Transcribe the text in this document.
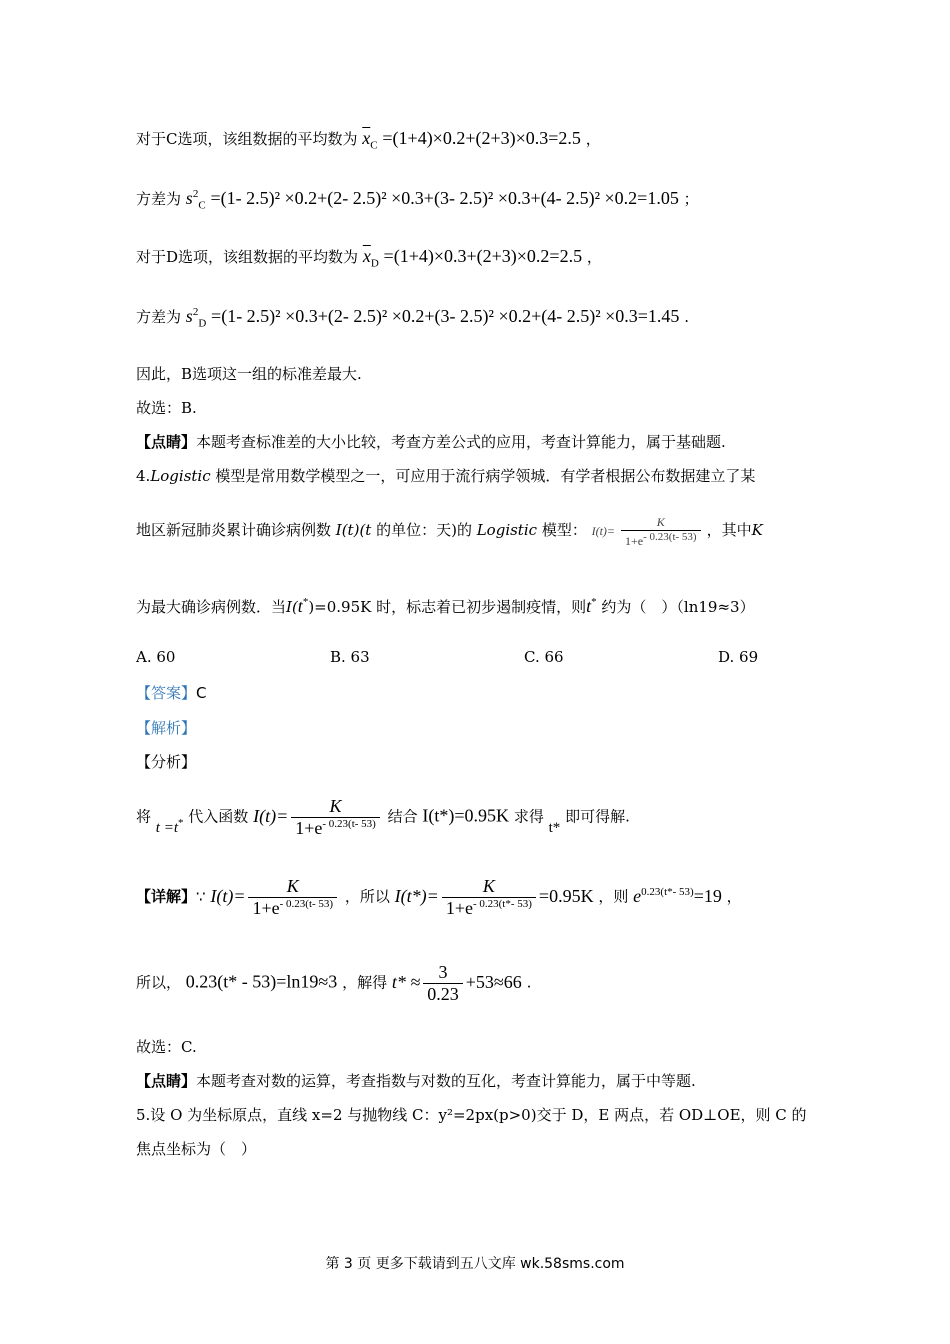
对于C选项，该组数据的平均数为 $\overline{x}_C =(1+4)\times 0.2+(2+3)\times 0.3=2.5$ ，
方差为 $s^2_C =(1-$ 2.5)² ×0.2+(2- 2.5)² ×0.3+(3- 2.5)² ×0.3+(4- 2.5)² ×0.2=1.05 ；
对于D选项，该组数据的平均数为 $\overline{x}_D =(1+4)\times 0.3+(2+3)\times 0.2=2.5$ ，
方差为 $s^2_D =(1-$ 2.5)² ×0.3+(2- 2.5)² ×0.2+(3- 2.5)² ×0.2+(4- 2.5)² ×0.3=1.45 .
因此，B选项这一组的标准差最大.
故选：B.
【点睛】本题考查标准差的大小比较，考查方差公式的应用，考查计算能力，属于基础题.
4.Logistic 模型是常用数学模型之一，可应用于流行病学领城．有学者根据公布数据建立了某
地区新冠肺炎累计确诊病例数 I(t)(t 的单位：天)的 Logistic 模型： $I(t)= \frac{K}{1+e^{- 0.23(t- 53)}}$ ，其中K
为最大确诊病例数．当I(t*)=0.95K 时，标志着已初步遏制疫情，则t* 约为（　）（ln19≈3）
A. 60	B. 63	C. 66	D. 69
【答案】C
【解析】
【分析】
将 t =t* 代入函数 $I(t)= \frac{K}{1+e^{- 0.23(t- 53)}}$ 结合 I(t*)=0.95K 求得 t* 即可得解.
【详解】∵ $I(t)= \frac{K}{1+e^{- 0.23(t- 53)}}$ ，所以 $I(t*)= \frac{K}{1+e^{- 0.23(t*- 53)}} =0.95K$ ，则 $e^{0.23(t*- 53)}=19$ ，
所以， 0.23(t* - 53)=ln19≈3 ，解得 $t* \approx \frac{3}{0.23} +53\approx 66$ .
故选：C.
【点睛】本题考查对数的运算，考查指数与对数的互化，考查计算能力，属于中等题.
5.设 O 为坐标原点，直线 x=2 与抛物线 C：y²=2px(p>0)交于 D，E 两点，若 OD⊥OE，则 C 的
焦点坐标为（　）
第 3 页 更多下载请到五八文库 wk.58sms.com
